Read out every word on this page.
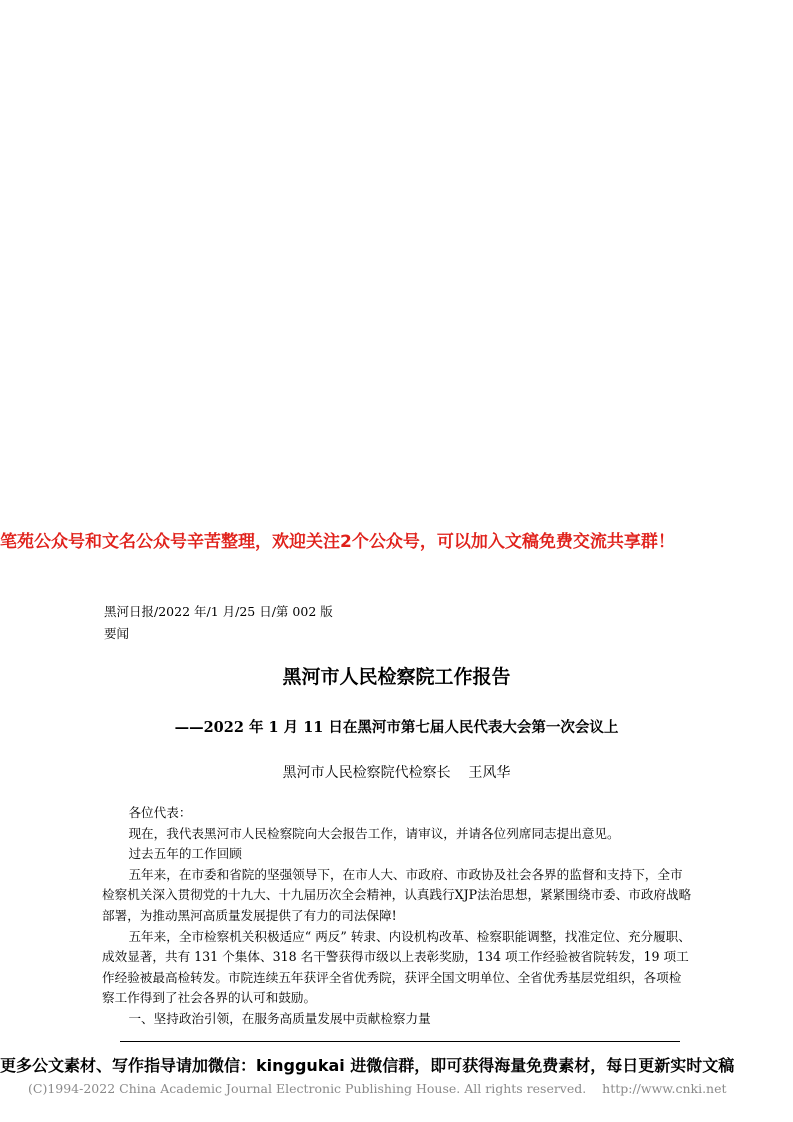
笔苑公众号和文名公众号辛苦整理，欢迎关注2个公众号，可以加入文稿免费交流共享群！
黑河日报/2022 年/1 月/25 日/第 002 版
要闻
黑河市人民检察院工作报告
——2022 年 1 月 11 日在黑河市第七届人民代表大会第一次会议上
黑河市人民检察院代检察长    王风华

各位代表：

现在，我代表黑河市人民检察院向大会报告工作，请审议，并请各位列席同志提出意见。

过去五年的工作回顾

五年来，在市委和省院的坚强领导下，在市人大、市政府、市政协及社会各界的监督和支持下，全市检察机关深入贯彻党的十九大、十九届历次全会精神，认真践行XJP法治思想，紧紧围绕市委、市政府战略部署，为推动黑河高质量发展提供了有力的司法保障!

五年来，全市检察机关积极适应“ 两反” 转隶、内设机构改革、检察职能调整，找准定位、充分履职、成效显著，共有 131 个集体、318 名干警获得市级以上表彰奖励，134 项工作经验被省院转发，19 项工作经验被最高检转发。市院连续五年获评全省优秀院，获评全国文明单位、全省优秀基层党组织，各项检察工作得到了社会各界的认可和鼓励。

一、坚持政治引领，在服务高质量发展中贡献检察力量

(C)1994-2022 China Academic Journal Electronic Publishing House. All rights reserved.    http://www.cnki.net
更多公文素材、写作指导请加微信：kinggukai 进微信群，即可获得海量免费素材，每日更新实时文稿
